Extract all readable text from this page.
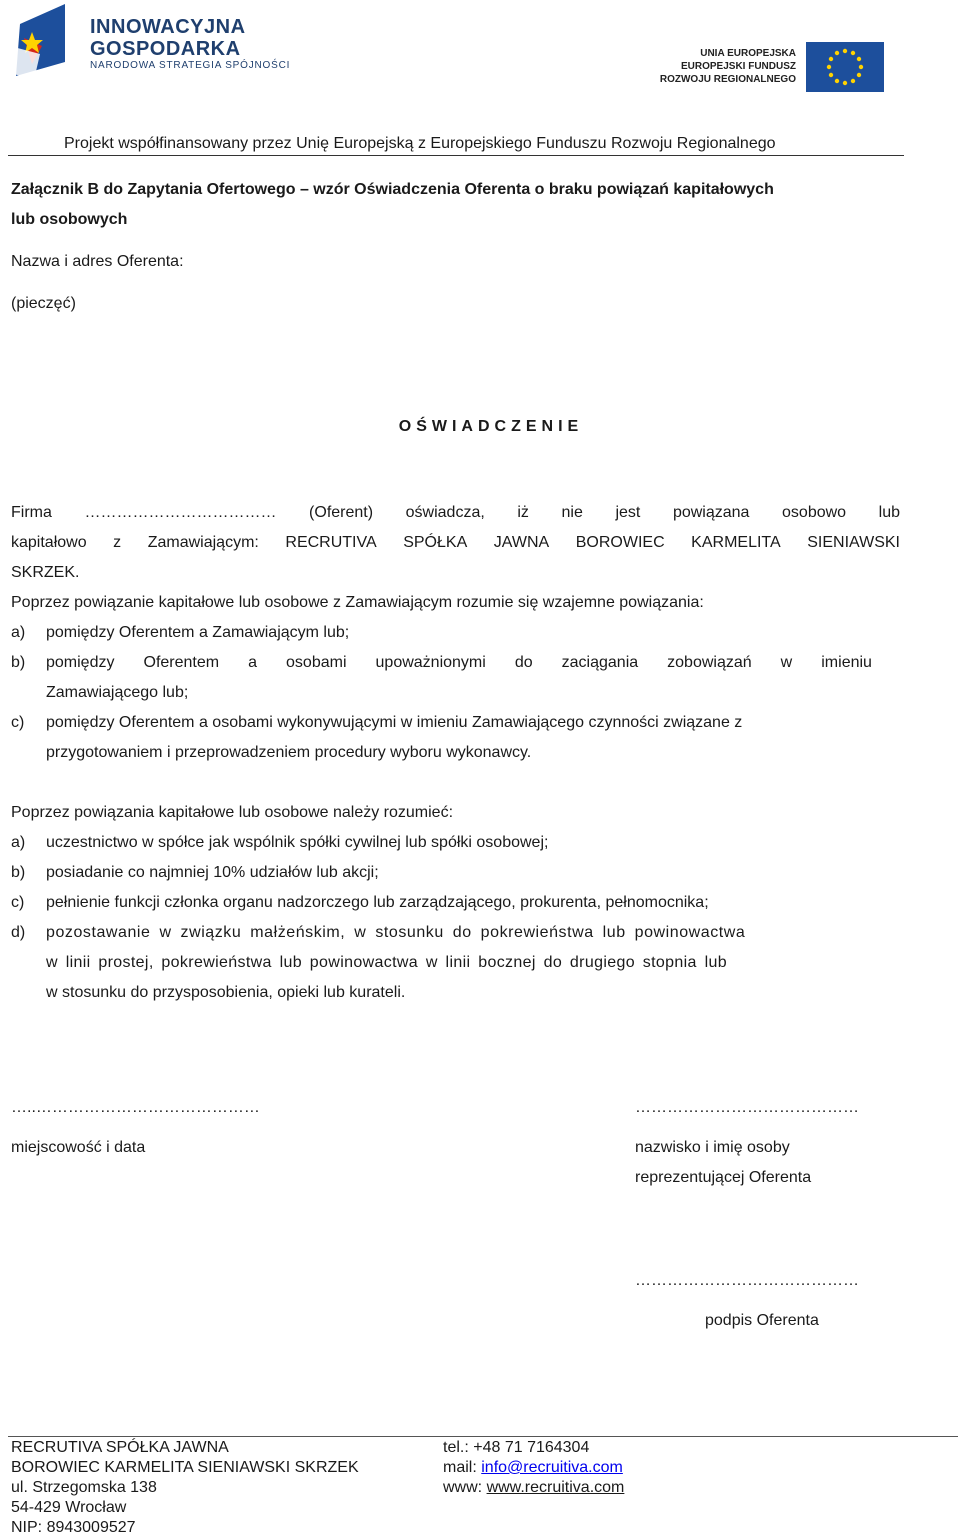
INNOWACYJNA
GOSPODARKA
NARODOWA STRATEGIA SPÓJNOŚCI
UNIA EUROPEJSKA
EUROPEJSKI FUNDUSZ
ROZWOJU REGIONALNEGO
Projekt współfinansowany przez Unię Europejską z Europejskiego Funduszu Rozwoju Regionalnego
Załącznik B do Zapytania Ofertowego – wzór Oświadczenia Oferenta o braku powiązań kapitałowych
lub osobowych
Nazwa i adres Oferenta:
(pieczęć)
OŚWIADCZENIE
Firma ……………………………… (Oferent) oświadcza, iż nie jest powiązana osobowo lub
kapitałowo z Zamawiającym: RECRUTIVA SPÓŁKA JAWNA BOROWIEC KARMELITA SIENIAWSKI
SKRZEK.
Poprzez powiązanie kapitałowe lub osobowe z Zamawiającym rozumie się wzajemne powiązania:
a)	pomiędzy Oferentem a Zamawiającym lub;
b)	pomiędzy Oferentem a osobami upoważnionymi do zaciągania zobowiązań w imieniu
Zamawiającego lub;
c)	pomiędzy Oferentem a osobami wykonywującymi w imieniu Zamawiającego czynności związane z
przygotowaniem i przeprowadzeniem procedury wyboru wykonawcy.
Poprzez powiązania kapitałowe lub osobowe należy rozumieć:
a)	uczestnictwo w spółce jak wspólnik spółki cywilnej lub spółki osobowej;
b)	posiadanie co najmniej 10% udziałów lub akcji;
c)	pełnienie funkcji członka organu nadzorczego lub zarządzającego, prokurenta, pełnomocnika;
d)	pozostawanie w związku małżeńskim, w stosunku do pokrewieństwa lub powinowactwa
w linii prostej, pokrewieństwa lub powinowactwa w linii bocznej do drugiego stopnia lub
w stosunku do przysposobienia, opieki lub kurateli.
…..……………………………………	……………………………………
miejscowość i data	nazwisko i imię osoby
reprezentującej Oferenta
……………………………………
podpis Oferenta
RECRUTIVA SPÓŁKA JAWNA
BOROWIEC KARMELITA SIENIAWSKI SKRZEK
ul. Strzegomska 138
54-429 Wrocław
NIP: 8943009527
tel.: +48 71 7164304
mail: info@recruitiva.com
www: www.recruitiva.com
